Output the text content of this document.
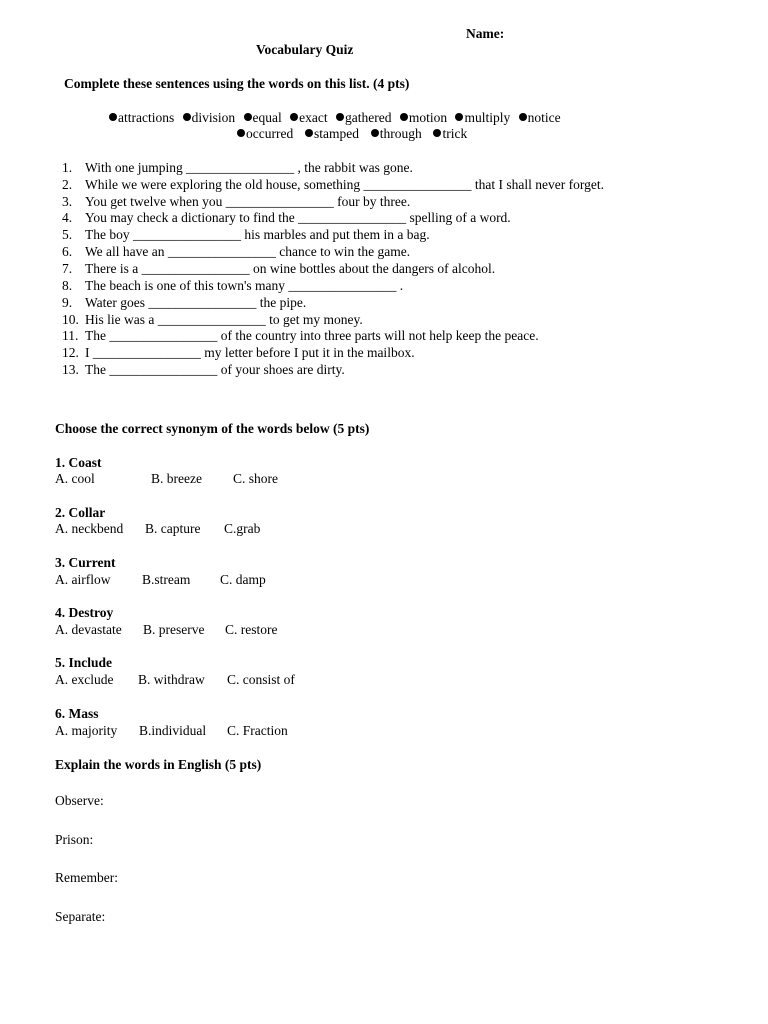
Name:
Vocabulary Quiz
Complete these sentences using the words on this list. (4 pts)
attractions division equal exact gathered motion multiply notice
occurred stamped through trick
1. With one jumping ________________ , the rabbit was gone.
2. While we were exploring the old house, something ________________ that I shall never forget.
3. You get twelve when you ________________ four by three.
4. You may check a dictionary to find the ________________ spelling of a word.
5. The boy ________________ his marbles and put them in a bag.
6. We all have an ________________ chance to win the game.
7. There is a ________________ on wine bottles about the dangers of alcohol.
8. The beach is one of this town's many ________________ .
9. Water goes ________________ the pipe.
10. His lie was a ________________ to get my money.
11. The ________________ of the country into three parts will not help keep the peace.
12. I ________________ my letter before I put it in the mailbox.
13. The ________________ of your shoes are dirty.
Choose the correct synonym of the words below (5 pts)
1. Coast
A. cool	B. breeze C. shore
2. Collar
A. neckbend B. capture C.grab
3. Current
A. airflow B.stream C. damp
4. Destroy
A. devastate B. preserve C. restore
5. Include
A. exclude B. withdraw C. consist of
6. Mass
A. majority B.individual C. Fraction
Explain the words in English (5 pts)
Observe:
Prison:
Remember:
Separate:
